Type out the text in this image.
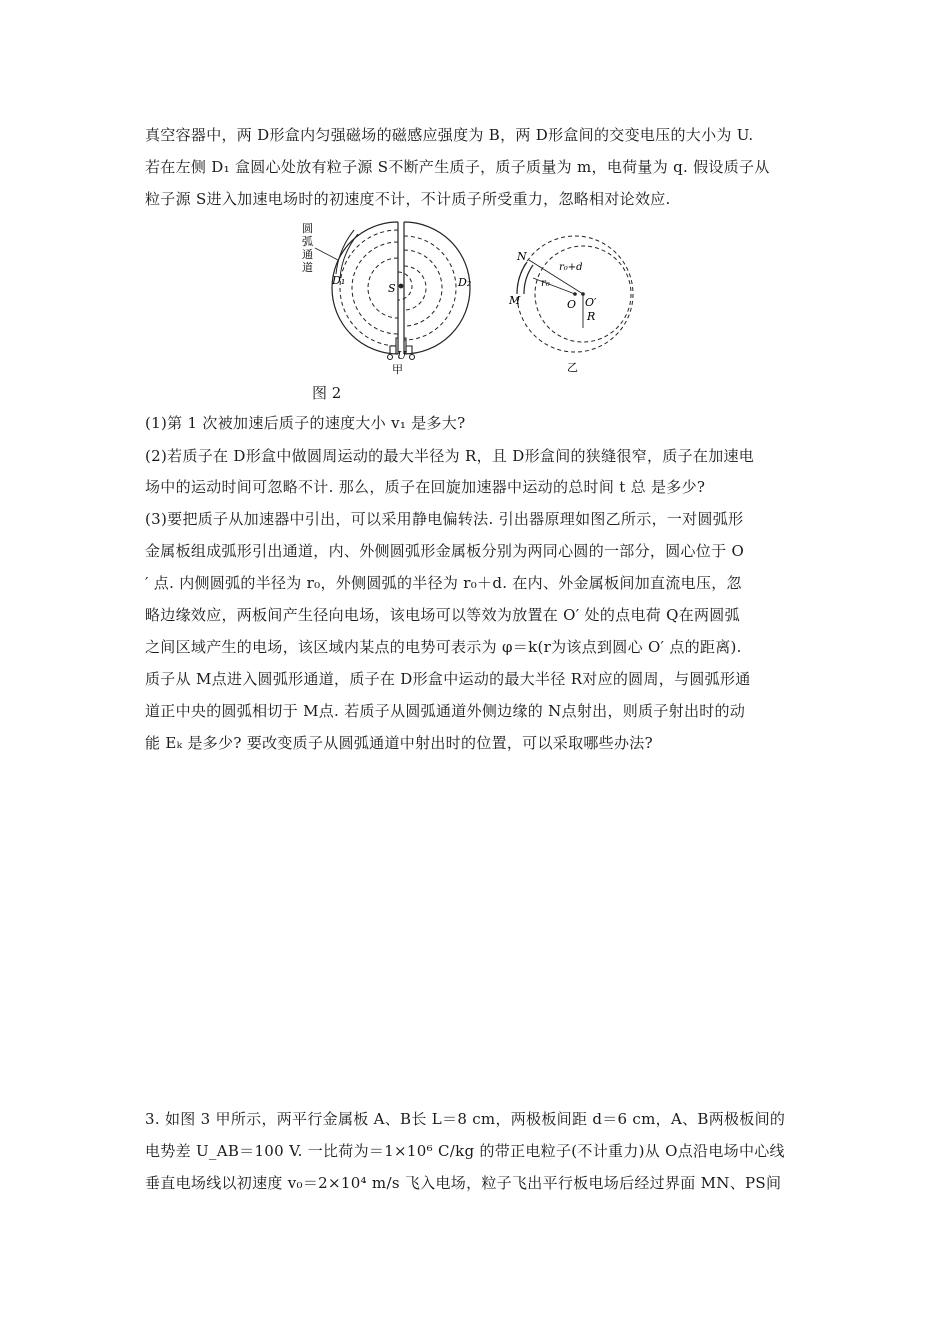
真空容器中，两 D形盒内匀强磁场的磁感应强度为 B，两 D形盒间的交变电压的大小为 U.
若在左侧 D₁ 盒圆心处放有粒子源 S不断产生质子，质子质量为 m，电荷量为 q. 假设质子从
粒子源 S进入加速电场时的初速度不计，不计质子所受重力，忽略相对论效应.
圆
弧
通
道
D₁	D₂
S
U
甲
N
M	O O′
r₀
r₀+d
R
乙
图 2
(1)第 1 次被加速后质子的速度大小 v₁ 是多大?
(2)若质子在 D形盒中做圆周运动的最大半径为 R，且 D形盒间的狭缝很窄，质子在加速电
场中的运动时间可忽略不计. 那么，质子在回旋加速器中运动的总时间 t 总 是多少?
(3)要把质子从加速器中引出，可以采用静电偏转法. 引出器原理如图乙所示，一对圆弧形
金属板组成弧形引出通道，内、外侧圆弧形金属板分别为两同心圆的一部分，圆心位于 O
′ 点. 内侧圆弧的半径为 r₀，外侧圆弧的半径为 r₀＋d. 在内、外金属板间加直流电压，忽
略边缘效应，两板间产生径向电场，该电场可以等效为放置在 O′ 处的点电荷 Q在两圆弧
之间区域产生的电场，该区域内某点的电势可表示为 φ＝k(r为该点到圆心 O′ 点的距离).
质子从 M点进入圆弧形通道，质子在 D形盒中运动的最大半径 R对应的圆周，与圆弧形通
道正中央的圆弧相切于 M点. 若质子从圆弧通道外侧边缘的 N点射出，则质子射出时的动
能 Eₖ 是多少? 要改变质子从圆弧通道中射出时的位置，可以采取哪些办法?
3. 如图 3 甲所示，两平行金属板 A、B长 L＝8 cm，两极板间距 d＝6 cm，A、B两极板间的
电势差 U_AB＝100 V. 一比荷为＝1×10⁶ C/kg 的带正电粒子(不计重力)从 O点沿电场中心线
垂直电场线以初速度 v₀＝2×10⁴ m/s 飞入电场，粒子飞出平行板电场后经过界面 MN、PS间
